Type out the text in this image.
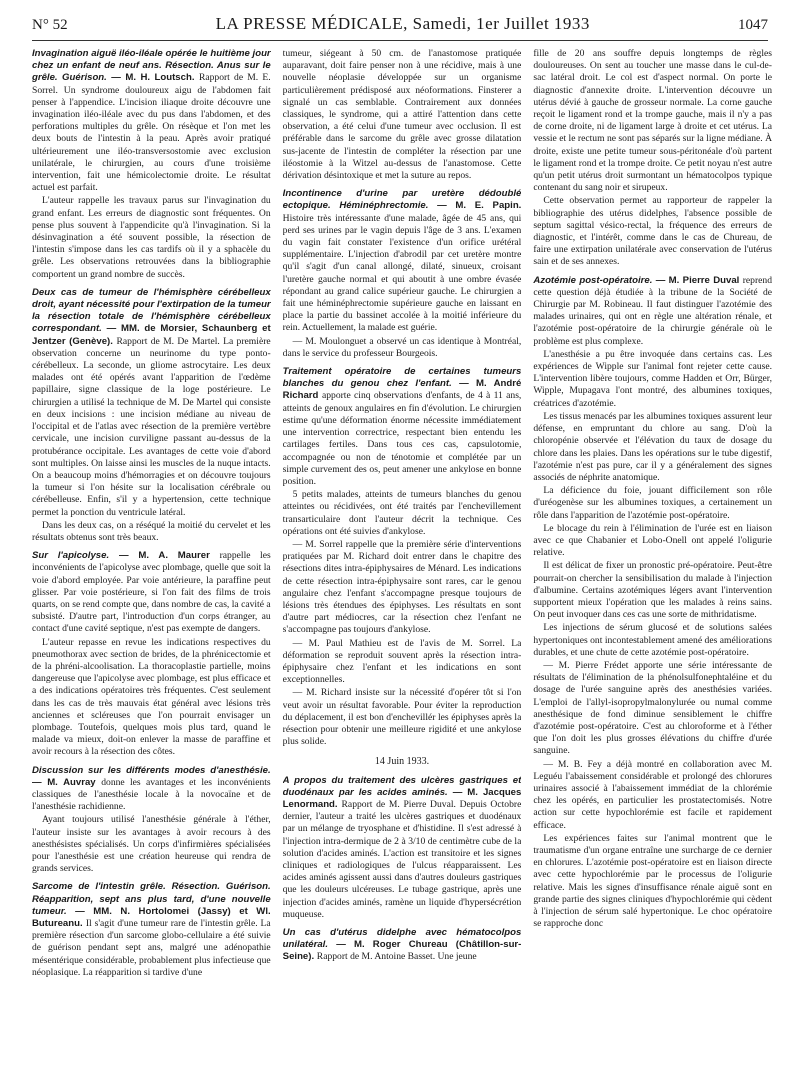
N° 52	LA PRESSE MÉDICALE, Samedi, 1er Juillet 1933	1047

Invagination aiguë iléo-iléale opérée le huitième jour chez un enfant de neuf ans. Résection. Anus sur le grêle. Guérison. — M. H. Loutsch. Rapport de M. E. Sorrel. Un syndrome douloureux aigu de l'abdomen fait penser à l'appendice. L'incision iliaque droite découvre une invagination iléo-iléale avec du pus dans l'abdomen, et des perforations multiples du grêle. On résèque et l'on met les deux bouts de l'intestin à la peau. Après avoir pratiqué ultérieurement une iléo-transversostomie avec exclusion unilatérale, le chirurgien, au cours d'une troisième intervention, fait une hémicolectomie droite. Le résultat actuel est parfait.

L'auteur rappelle les travaux parus sur l'invagination du grand enfant. Les erreurs de diagnostic sont fréquentes. On pense plus souvent à l'appendicite qu'à l'invagination. Si la désinvagination a été souvent possible, la résection de l'intestin s'impose dans les cas tardifs où il y a sphacèle du grêle. Les observations retrouvées dans la bibliographie comportent un grand nombre de succès.

Deux cas de tumeur de l'hémisphère cérébelleux droit, ayant nécessité pour l'extirpation de la tumeur la résection totale de l'hémisphère cérébelleux correspondant. — MM. de Morsier, Schaunberg et Jentzer (Genève). Rapport de M. De Martel. La première observation concerne un neurinome du type ponto-cérébelleux. La seconde, un gliome astrocytaire. Les deux malades ont été opérés avant l'apparition de l'œdème papillaire, signe classique de la loge postérieure. Le chirurgien a utilisé la technique de M. De Martel qui consiste en deux incisions : une incision médiane au niveau de l'occipital et de l'atlas avec résection de la première vertèbre cervicale, une incision curviligne passant au-dessus de la protubérance occipitale. Les avantages de cette voie d'abord sont multiples. On laisse ainsi les muscles de la nuque intacts. On a beaucoup moins d'hémorragies et on découvre toujours la tumeur si l'on hésite sur la localisation cérébrale ou cérébelleuse. Enfin, s'il y a hypertension, cette technique permet la ponction du ventricule latéral.

Dans les deux cas, on a réséqué la moitié du cervelet et les résultats obtenus sont très beaux.

Sur l'apicolyse. — M. A. Maurer rappelle les inconvénients de l'apicolyse avec plombage, quelle que soit la voie d'abord employée. Par voie antérieure, la paraffine peut glisser. Par voie postérieure, si l'on fait des films de trois quarts, on se rend compte que, dans nombre de cas, la cavité a subsisté. D'autre part, l'introduction d'un corps étranger, au contact d'une cavité septique, n'est pas exempte de dangers.

L'auteur repasse en revue les indications respectives du pneumothorax avec section de brides, de la phrénicectomie et de la phréni-alcoolisation. La thoracoplastie partielle, moins dangereuse que l'apicolyse avec plombage, est plus efficace et a des indications opératoires très fréquentes. C'est seulement dans les cas de très mauvais état général avec lésions très anciennes et scléreuses que l'on pourrait envisager un plombage. Toutefois, quelques mois plus tard, quand le malade va mieux, doit-on enlever la masse de paraffine et avoir recours à la résection des côtes.

Discussion sur les différents modes d'anesthésie. — M. Auvray donne les avantages et les inconvénients classiques de l'anesthésie locale à la novocaïne et de l'anesthésie rachidienne.

Ayant toujours utilisé l'anesthésie générale à l'éther, l'auteur insiste sur les avantages à avoir recours à des anesthésistes spécialisés. Un corps d'infirmières spécialisées pour l'anesthésie est une création heureuse qui rendra de grands services.

Sarcome de l'intestin grêle. Résection. Guérison. Réapparition, sept ans plus tard, d'une nouvelle tumeur. — MM. N. Hortolomei (Jassy) et Wl. Butureanu. Il s'agit d'une tumeur rare de l'intestin grêle. La première résection d'un sarcome globo-cellulaire a été suivie de guérison pendant sept ans, malgré une adénopathie mésentérique considérable, probablement plus infectieuse que néoplasique. La réapparition si tardive d'une

tumeur, siégeant à 50 cm. de l'anastomose pratiquée auparavant, doit faire penser non à une récidive, mais à une nouvelle néoplasie développée sur un organisme particulièrement prédisposé aux néoformations. Finsterer a signalé un cas semblable. Contrairement aux données classiques, le syndrome, qui a attiré l'attention dans cette observation, a été celui d'une tumeur avec occlusion. Il est préférable dans le sarcome du grêle avec grosse dilatation sus-jacente de l'intestin de compléter la résection par une iléostomie à la Witzel au-dessus de l'anastomose. Cette dérivation désintoxique et met la suture au repos.

Incontinence d'urine par uretère dédoublé ectopique. Héminéphrectomie. — M. E. Papin. Histoire très intéressante d'une malade, âgée de 45 ans, qui perd ses urines par le vagin depuis l'âge de 3 ans. L'examen du vagin fait constater l'existence d'un orifice urétéral supplémentaire. L'injection d'abrodil par cet uretère montre qu'il s'agit d'un canal allongé, dilaté, sinueux, croisant l'uretère gauche normal et qui aboutit à une ombre évasée répondant au grand calice supérieur gauche. Le chirurgien a fait une héminéphrectomie supérieure gauche en laissant en place la partie du bassinet accolée à la moitié inférieure du rein. Actuellement, la malade est guérie.

— M. Moulonguet a observé un cas identique à Montréal, dans le service du professeur Bourgeois.

Traitement opératoire de certaines tumeurs blanches du genou chez l'enfant. — M. André Richard apporte cinq observations d'enfants, de 4 à 11 ans, atteints de genoux angulaires en fin d'évolution. Le chirurgien estime qu'une déformation énorme nécessite immédiatement une intervention correctrice, respectant bien entendu les cartilages fertiles. Dans tous ces cas, capsulotomie, accompagnée ou non de ténotomie et complétée par un simple curvement des os, peut amener une ankylose en bonne position.

5 petits malades, atteints de tumeurs blanches du genou atteintes ou récidivées, ont été traités par l'enchevillement transarticulaire dont l'auteur décrit la technique. Ces opérations ont été suivies d'ankylose.

— M. Sorrel rappelle que la première série d'interventions pratiquées par M. Richard doit entrer dans le chapitre des résections dites intra-épiphysaires de Ménard. Les indications de cette résection intra-épiphysaire sont rares, car le genou angulaire chez l'enfant s'accompagne presque toujours de lésions très étendues des épiphyses. Les résultats en sont d'autre part médiocres, car la résection chez l'enfant ne s'accompagne pas toujours d'ankylose.

— M. Paul Mathieu est de l'avis de M. Sorrel. La déformation se reproduit souvent après la résection intra-épiphysaire chez l'enfant et les indications en sont exceptionnelles.

— M. Richard insiste sur la nécessité d'opérer tôt si l'on veut avoir un résultat favorable. Pour éviter la reproduction du déplacement, il est bon d'enchevillér les épiphyses après la résection pour obtenir une meilleure rigidité et une ankylose plus solide.

14 Juin 1933.

A propos du traitement des ulcères gastriques et duodénaux par les acides aminés. — M. Jacques Lenormand. Rapport de M. Pierre Duval. Depuis Octobre dernier, l'auteur a traité les ulcères gastriques et duodénaux par un mélange de tryosphane et d'histidine. Il s'est adressé à l'injection intra-dermique de 2 à 3/10 de centimètre cube de la solution d'acides aminés. L'action est transitoire et les signes cliniques et radiologiques de l'ulcus réapparaissent. Les acides aminés agissent aussi dans d'autres douleurs gastriques que les douleurs ulcéreuses. Le tubage gastrique, après une injection d'acides aminés, ramène un liquide d'hypersécrétion muqueuse.

Un cas d'utérus didelphe avec hématocolpos unilatéral. — M. Roger Chureau (Châtillon-sur-Seine). Rapport de M. Antoine Basset. Une jeune

fille de 20 ans souffre depuis longtemps de règles douloureuses. On sent au toucher une masse dans le cul-de-sac latéral droit. Le col est d'aspect normal. On porte le diagnostic d'annexite droite. L'intervention découvre un utérus dévié à gauche de grosseur normale. La corne gauche reçoit le ligament rond et la trompe gauche, mais il n'y a pas de corne droite, ni de ligament large à droite et cet utérus. La vessie et le rectum ne sont pas séparés sur la ligne médiane. À droite, existe une petite tumeur sous-péritonéale d'où partent le ligament rond et la trompe droite. Ce petit noyau n'est autre qu'un petit utérus droit surmontant un hématocolpos typique contenant du sang noir et sirupeux.

Cette observation permet au rapporteur de rappeler la bibliographie des utérus didelphes, l'absence possible de septum sagittal vésico-rectal, la fréquence des erreurs de diagnostic, et l'intérêt, comme dans le cas de Chureau, de faire une extirpation unilatérale avec conservation de l'utérus sain et de ses annexes.

Azotémie post-opératoire. — M. Pierre Duval reprend cette question déjà étudiée à la tribune de la Société de Chirurgie par M. Robineau. Il faut distinguer l'azotémie des malades urinaires, qui ont en règle une altération rénale, et l'azotémie post-opératoire de la chirurgie générale où le problème est plus complexe.

L'anesthésie a pu être invoquée dans certains cas. Les expériences de Wipple sur l'animal font rejeter cette cause. L'intervention libère toujours, comme Hadden et Orr, Bürger, Wipple, Mupagava l'ont montré, des albumines toxiques, créatrices d'azotémie.

Les tissus menacés par les albumines toxiques assurent leur défense, en empruntant du chlore au sang. D'où la chloropénie observée et l'élévation du taux de dosage du chlore dans les plaies. Dans les opérations sur le tube digestif, l'azotémie n'est pas pure, car il y a généralement des signes associés de néphrite anatomique.

La déficience du foie, jouant difficilement son rôle d'uréogenèse sur les albumines toxiques, a certainement un rôle dans l'apparition de l'azotémie post-opératoire.

Le blocage du rein à l'élimination de l'urée est en liaison avec ce que Chabanier et Lobo-Onell ont appelé l'oligurie relative.

Il est délicat de fixer un pronostic pré-opératoire. Peut-être pourrait-on chercher la sensibilisation du malade à l'injection d'albumine. Certains azotémiques légers avant l'intervention supportent mieux l'opération que les malades à reins sains. On peut invoquer dans ces cas une sorte de mithridatisme.

Les injections de sérum glucosé et de solutions salées hypertoniques ont incontestablement amené des améliorations durables, et une chute de cette azotémie post-opératoire.

— M. Pierre Frédet apporte une série intéressante de résultats de l'élimination de la phénolsulfonephtaléine et du dosage de l'urée sanguine après des anesthésies variées. L'emploi de l'allyl-isopropylmalonylurée ou numal comme anesthésique de fond diminue sensiblement le chiffre d'azotémie post-opératoire. C'est au chloroforme et à l'éther que l'on doit les plus grosses élévations du chiffre d'urée sanguine.

— M. B. Fey a déjà montré en collaboration avec M. Leguéu l'abaissement considérable et prolongé des chlorures urinaires associé à l'abaissement immédiat de la chlorémie chez les opérés, en particulier les prostatectomisés. Notre action sur cette hypochlorémie est facile et rapidement efficace.

Les expériences faites sur l'animal montrent que le traumatisme d'un organe entraîne une surcharge de ce dernier en chlorures. L'azotémie post-opératoire est en liaison directe avec cette hypochlorémie par le processus de l'oligurie relative. Mais les signes d'insuffisance rénale aiguë sont en grande partie des signes cliniques d'hypochlorémie qui cèdent à l'injection de sérum salé hypertonique. Le choc opératoire se rapproche donc
